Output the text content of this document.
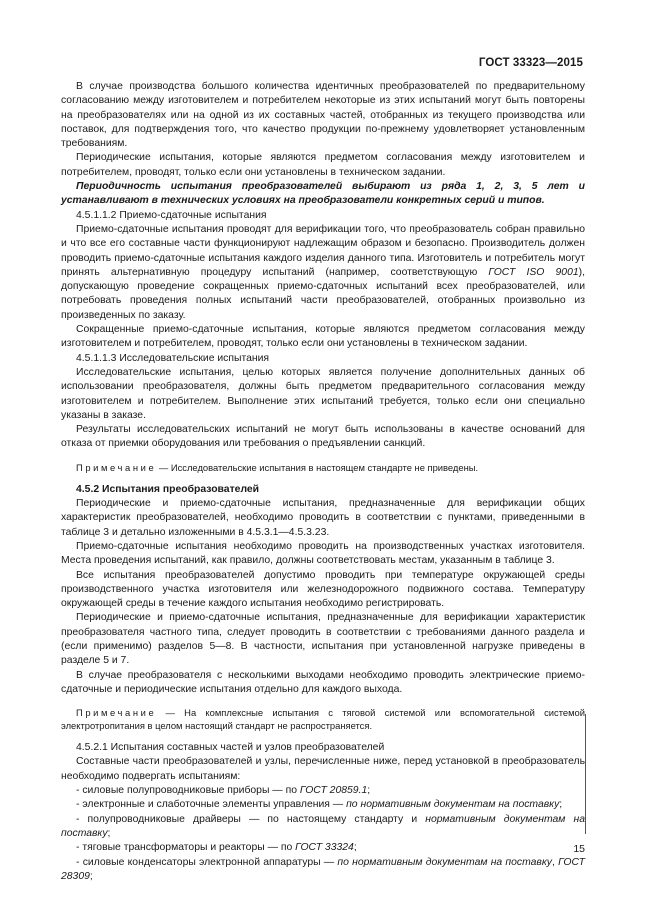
ГОСТ 33323—2015

В случае производства большого количества идентичных преобразователей по предварительному согласованию между изготовителем и потребителем некоторые из этих испытаний могут быть повторены на преобразователях или на одной из их составных частей, отобранных из текущего производства или поставок, для подтверждения того, что качество продукции по-прежнему удовлетворяет установленным требованиям.

Периодические испытания, которые являются предметом согласования между изготовителем и потребителем, проводят, только если они установлены в техническом задании.

Периодичность испытания преобразователей выбирают из ряда 1, 2, 3, 5 лет и устанавливают в технических условиях на преобразователи конкретных серий и типов.

4.5.1.1.2 Приемо-сдаточные испытания

Приемо-сдаточные испытания проводят для верификации того, что преобразователь собран правильно и что все его составные части функционируют надлежащим образом и безопасно. Производитель должен проводить приемо-сдаточные испытания каждого изделия данного типа. Изготовитель и потребитель могут принять альтернативную процедуру испытаний (например, соответствующую ГОСТ ISO 9001), допускающую проведение сокращенных приемо-сдаточных испытаний всех преобразователей, или потребовать проведения полных испытаний части преобразователей, отобранных произвольно из произведенных по заказу.

Сокращенные приемо-сдаточные испытания, которые являются предметом согласования между изготовителем и потребителем, проводят, только если они установлены в техническом задании.

4.5.1.1.3 Исследовательские испытания

Исследовательские испытания, целью которых является получение дополнительных данных об использовании преобразователя, должны быть предметом предварительного согласования между изготовителем и потребителем. Выполнение этих испытаний требуется, только если они специально указаны в заказе.

Результаты исследовательских испытаний не могут быть использованы в качестве оснований для отказа от приемки оборудования или требования о предъявлении санкций.

Примечание — Исследовательские испытания в настоящем стандарте не приведены.

4.5.2 Испытания преобразователей

Периодические и приемо-сдаточные испытания, предназначенные для верификации общих характеристик преобразователей, необходимо проводить в соответствии с пунктами, приведенными в таблице 3 и детально изложенными в 4.5.3.1—4.5.3.23.

Приемо-сдаточные испытания необходимо проводить на производственных участках изготовителя. Места проведения испытаний, как правило, должны соответствовать местам, указанным в таблице 3.

Все испытания преобразователей допустимо проводить при температуре окружающей среды производственного участка изготовителя или железнодорожного подвижного состава. Температуру окружающей среды в течение каждого испытания необходимо регистрировать.

Периодические и приемо-сдаточные испытания, предназначенные для верификации характеристик преобразователя частного типа, следует проводить в соответствии с требованиями данного раздела и (если применимо) разделов 5—8. В частности, испытания при установленной нагрузке приведены в разделе 5 и 7.

В случае преобразователя с несколькими выходами необходимо проводить электрические приемо-сдаточные и периодические испытания отдельно для каждого выхода.

Примечание — На комплексные испытания с тяговой системой или вспомогательной системой электротропитания в целом настоящий стандарт не распространяется.

4.5.2.1 Испытания составных частей и узлов преобразователей

Составные части преобразователей и узлы, перечисленные ниже, перед установкой в преобразователь необходимо подвергать испытаниям:

- силовые полупроводниковые приборы — по ГОСТ 20859.1;

- электронные и слаботочные элементы управления — по нормативным документам на поставку;

- полупроводниковые драйверы — по настоящему стандарту и нормативным документам на поставку;

- тяговые трансформаторы и реакторы — по ГОСТ 33324;

- силовые конденсаторы электронной аппаратуры — по нормативным документам на поставку, ГОСТ 28309;

15
